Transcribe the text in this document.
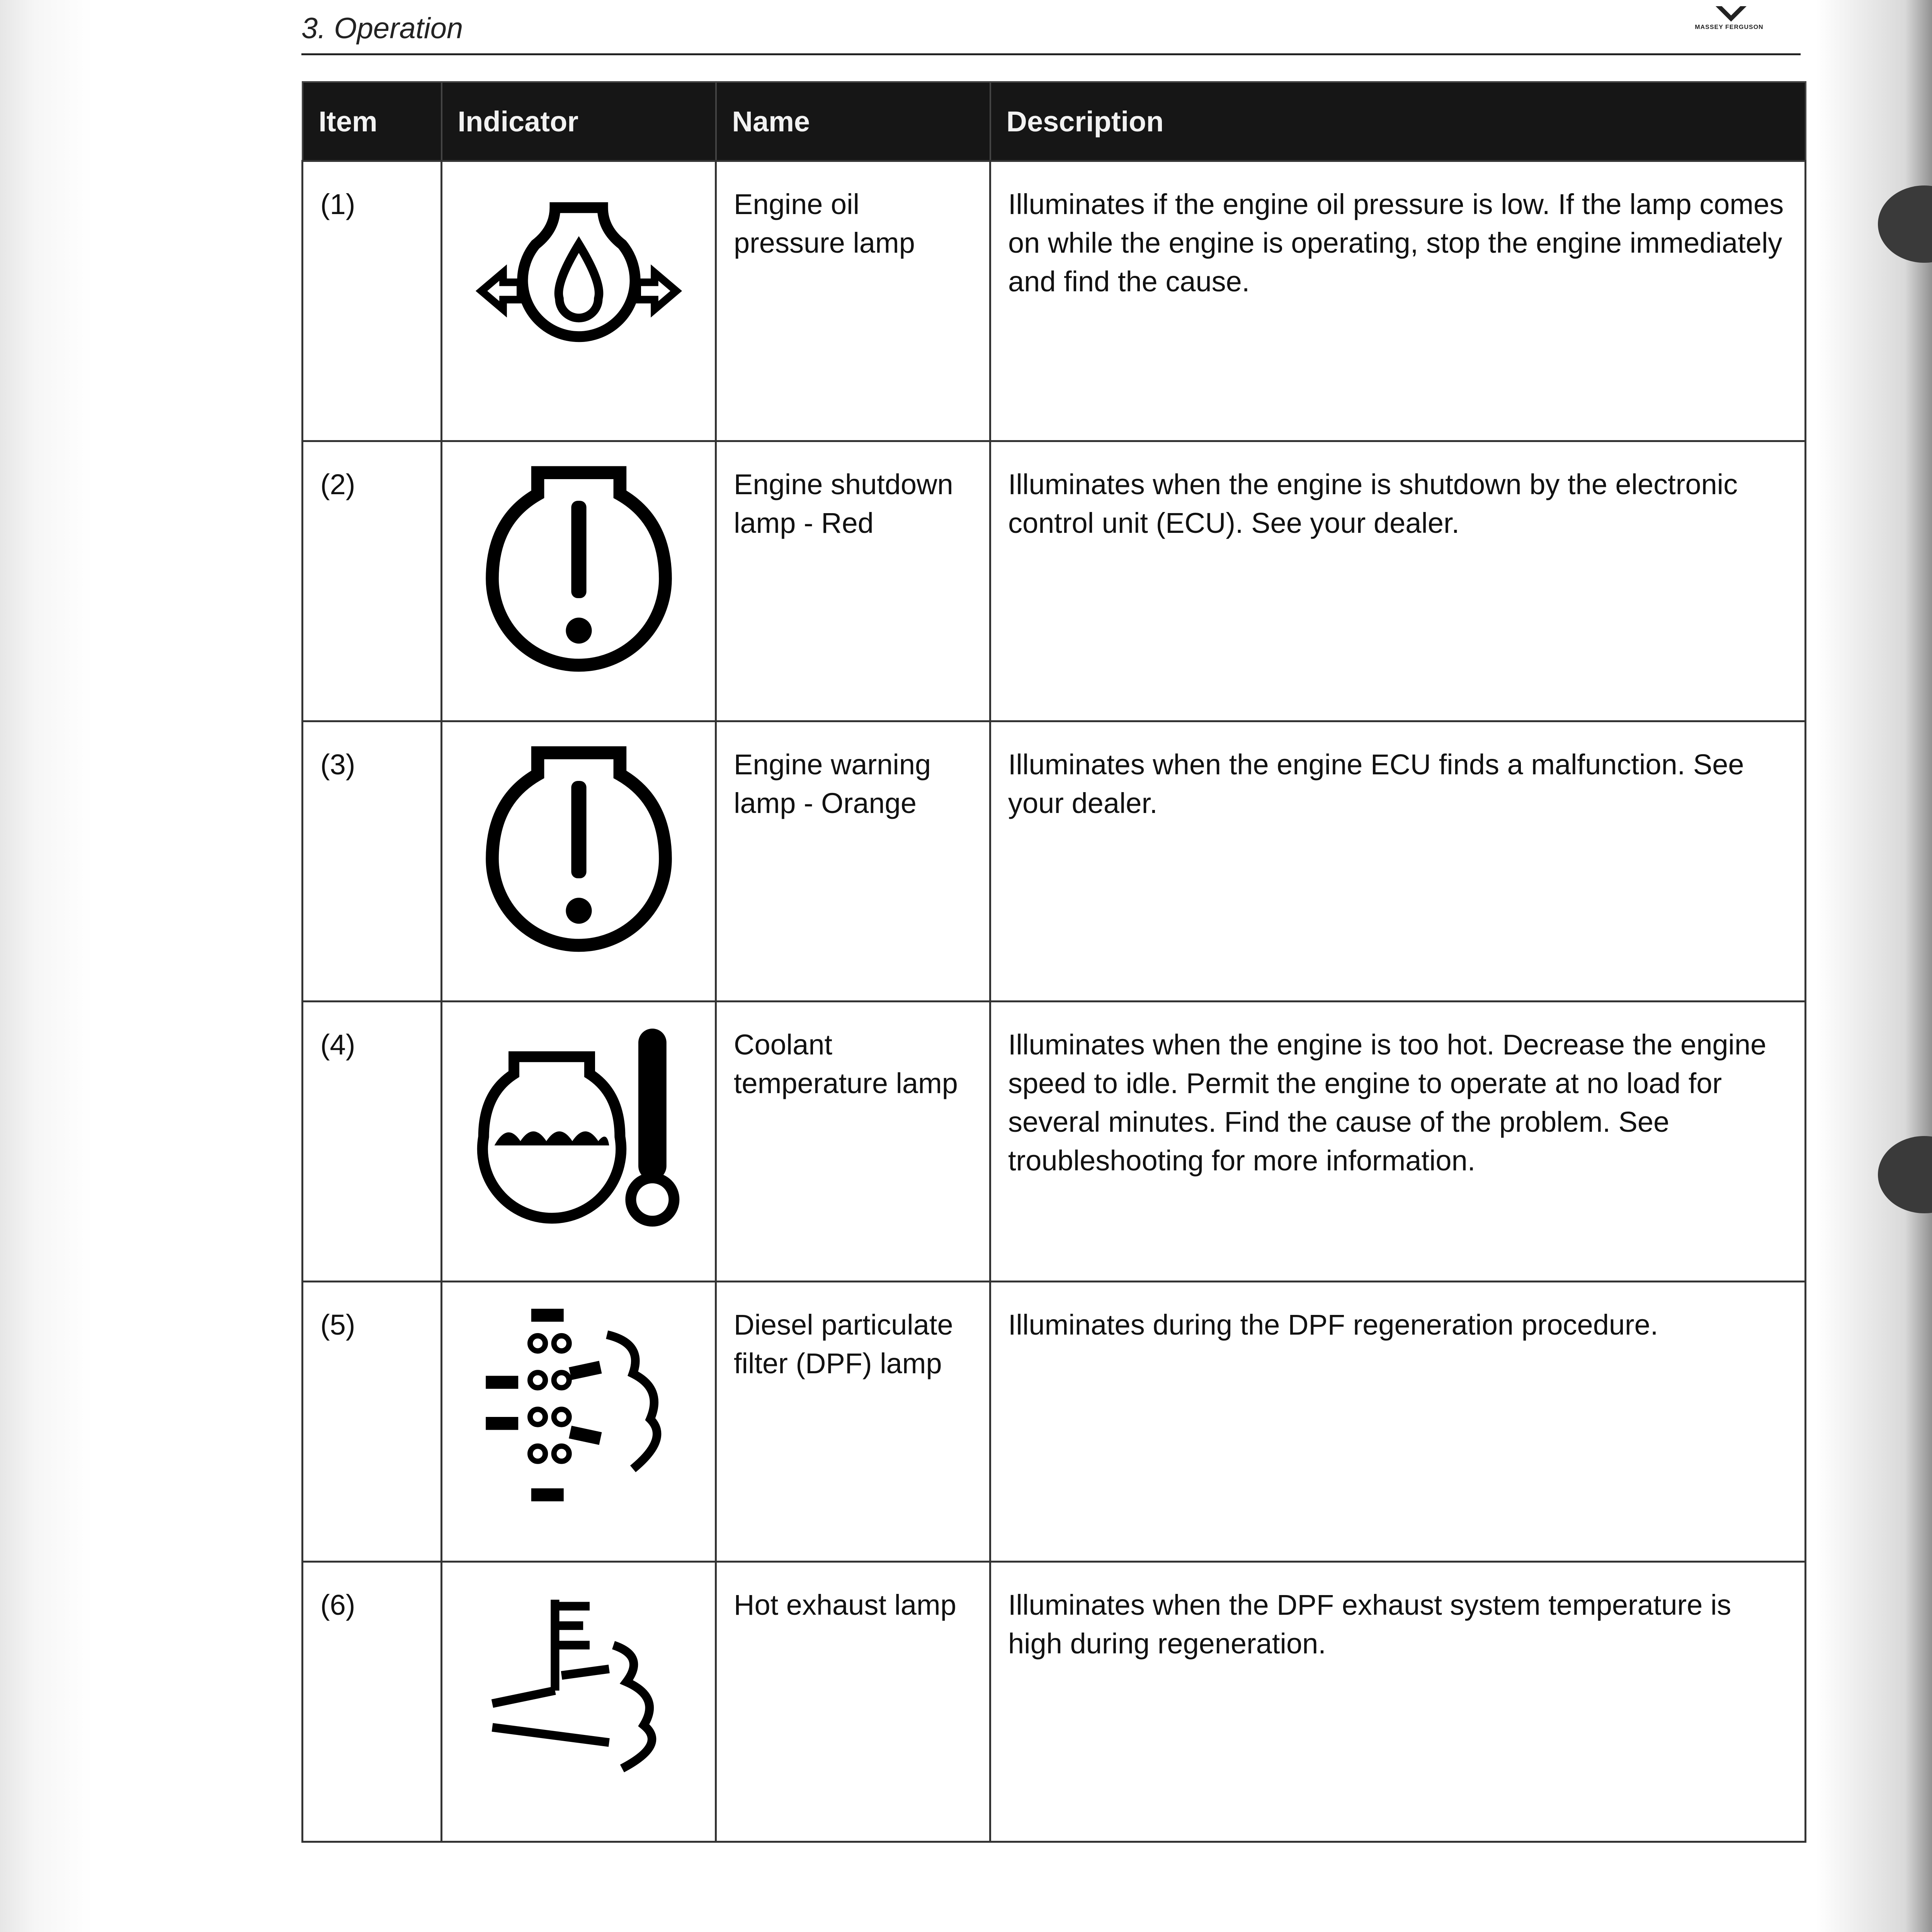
3. Operation	MASSEY FERGUSON
Item	Indicator	Name	Description
(1)		Engine oil pressure lamp	Illuminates if the engine oil pressure is low. If the lamp comes on while the engine is operating, stop the engine immediately and find the cause.
(2)		Engine shutdown lamp - Red	Illuminates when the engine is shutdown by the electronic control unit (ECU). See your dealer.
(3)		Engine warning lamp - Orange	Illuminates when the engine ECU finds a malfunction. See your dealer.
(4)		Coolant temperature lamp	Illuminates when the engine is too hot. Decrease the engine speed to idle. Permit the engine to operate at no load for several minutes. Find the cause of the problem. See troubleshooting for more information.
(5)		Diesel particulate filter (DPF) lamp	Illuminates during the DPF regeneration procedure.
(6)		Hot exhaust lamp	Illuminates when the DPF exhaust system temperature is high during regeneration.
